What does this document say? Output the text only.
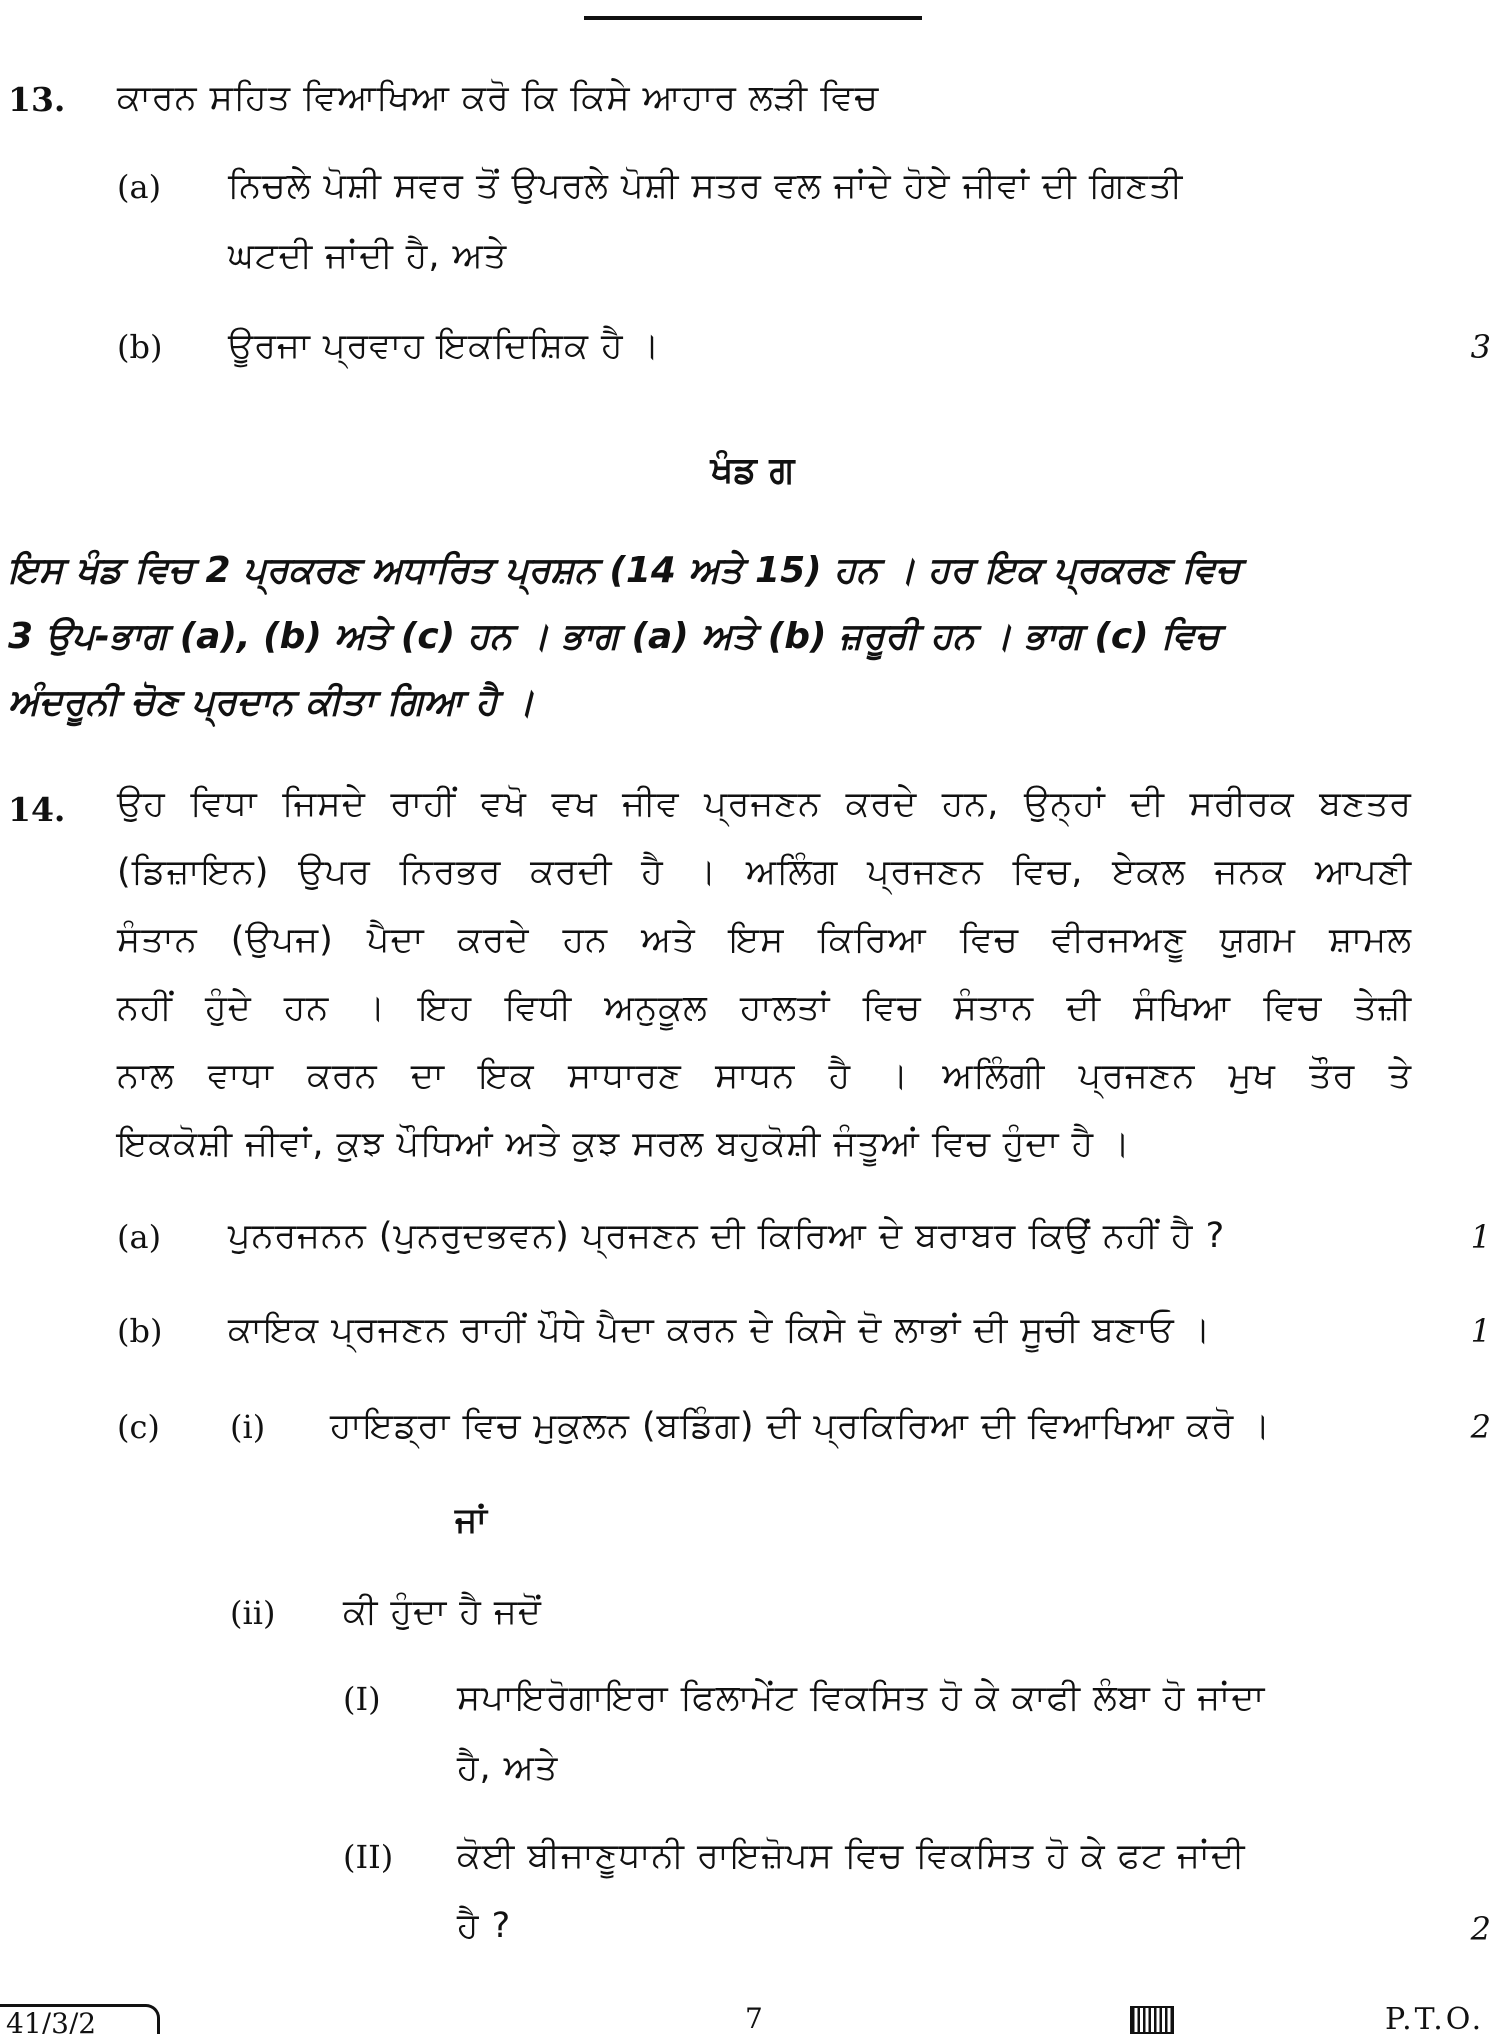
13. ਕਾਰਨ ਸਹਿਤ ਵਿਆਖਿਆ ਕਰੋ ਕਿ ਕਿਸੇ ਆਹਾਰ ਲੜੀ ਵਿਚ
(a) ਨਿਚਲੇ ਪੋਸ਼ੀ ਸਵਰ ਤੋਂ ਉਪਰਲੇ ਪੋਸ਼ੀ ਸਤਰ ਵਲ ਜਾਂਦੇ ਹੋਏ ਜੀਵਾਂ ਦੀ ਗਿਣਤੀ
ਘਟਦੀ ਜਾਂਦੀ ਹੈ, ਅਤੇ
(b) ਊਰਜਾ ਪ੍ਰਵਾਹ ਇਕਦਿਸ਼ਿਕ ਹੈ ।	3
ਖੰਡ ਗ
ਇਸ ਖੰਡ ਵਿਚ 2 ਪ੍ਰਕਰਣ ਅਧਾਰਿਤ ਪ੍ਰਸ਼ਨ (14 ਅਤੇ 15) ਹਨ । ਹਰ ਇਕ ਪ੍ਰਕਰਣ ਵਿਚ
3 ਉਪ-ਭਾਗ (a), (b) ਅਤੇ (c) ਹਨ । ਭਾਗ (a) ਅਤੇ (b) ਜ਼ਰੂਰੀ ਹਨ । ਭਾਗ (c) ਵਿਚ
ਅੰਦਰੂਨੀ ਚੋਣ ਪ੍ਰਦਾਨ ਕੀਤਾ ਗਿਆ ਹੈ ।
14. ਉਹ ਵਿਧਾ ਜਿਸਦੇ ਰਾਹੀਂ ਵਖੋ ਵਖ ਜੀਵ ਪ੍ਰਜਣਨ ਕਰਦੇ ਹਨ, ਉਨ੍ਹਾਂ ਦੀ ਸਰੀਰਕ ਬਣਤਰ
(ਡਿਜ਼ਾਇਨ) ਉਪਰ ਨਿਰਭਰ ਕਰਦੀ ਹੈ । ਅਲਿੰਗ ਪ੍ਰਜਣਨ ਵਿਚ, ਏਕਲ ਜਨਕ ਆਪਣੀ
ਸੰਤਾਨ (ਉਪਜ) ਪੈਦਾ ਕਰਦੇ ਹਨ ਅਤੇ ਇਸ ਕਿਰਿਆ ਵਿਚ ਵੀਰਜਅਣੂ ਯੁਗਮ ਸ਼ਾਮਲ
ਨਹੀਂ ਹੁੰਦੇ ਹਨ । ਇਹ ਵਿਧੀ ਅਨੁਕੂਲ ਹਾਲਤਾਂ ਵਿਚ ਸੰਤਾਨ ਦੀ ਸੰਖਿਆ ਵਿਚ ਤੇਜ਼ੀ
ਨਾਲ ਵਾਧਾ ਕਰਨ ਦਾ ਇਕ ਸਾਧਾਰਣ ਸਾਧਨ ਹੈ । ਅਲਿੰਗੀ ਪ੍ਰਜਣਨ ਮੁਖ ਤੌਰ ਤੇ
ਇਕਕੋਸ਼ੀ ਜੀਵਾਂ, ਕੁਝ ਪੌਧਿਆਂ ਅਤੇ ਕੁਝ ਸਰਲ ਬਹੁਕੋਸ਼ੀ ਜੰਤੂਆਂ ਵਿਚ ਹੁੰਦਾ ਹੈ ।
(a) ਪੁਨਰਜਨਨ (ਪੁਨਰੁਦਭਵਨ) ਪ੍ਰਜਣਨ ਦੀ ਕਿਰਿਆ ਦੇ ਬਰਾਬਰ ਕਿਉਂ ਨਹੀਂ ਹੈ ?	1
(b) ਕਾਇਕ ਪ੍ਰਜਣਨ ਰਾਹੀਂ ਪੌਧੇ ਪੈਦਾ ਕਰਨ ਦੇ ਕਿਸੇ ਦੋ ਲਾਭਾਂ ਦੀ ਸੂਚੀ ਬਣਾਓ ।	1
(c) (i) ਹਾਇਡ੍ਰਾ ਵਿਚ ਮੁਕੁਲਨ (ਬਡਿੰਗ) ਦੀ ਪ੍ਰਕਿਰਿਆ ਦੀ ਵਿਆਖਿਆ ਕਰੋ ।	2
ਜਾਂ
(ii) ਕੀ ਹੁੰਦਾ ਹੈ ਜਦੋਂ
(I) ਸਪਾਇਰੋਗਾਇਰਾ ਫਿਲਾਮੇਂਟ ਵਿਕਸਿਤ ਹੋ ਕੇ ਕਾਫੀ ਲੰਬਾ ਹੋ ਜਾਂਦਾ
ਹੈ, ਅਤੇ
(II) ਕੋਈ ਬੀਜਾਣੂਧਾਨੀ ਰਾਇਜ਼ੋਪਸ ਵਿਚ ਵਿਕਸਿਤ ਹੋ ਕੇ ਫਟ ਜਾਂਦੀ
ਹੈ ?	2
41/3/2	7	P.T.O.
